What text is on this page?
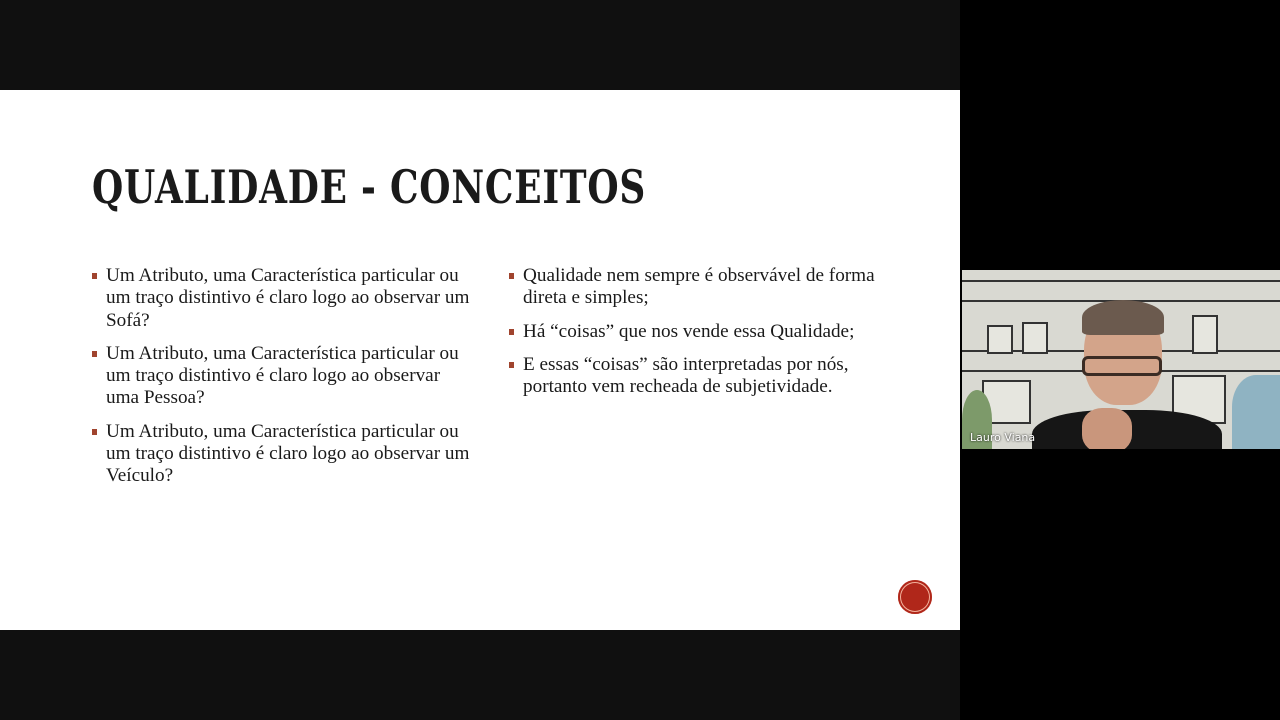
QUALIDADE - CONCEITOS
Um Atributo, uma Característica particular ou um traço distintivo é claro logo ao observar um Sofá?
Um Atributo, uma Característica particular ou um traço distintivo é claro logo ao observar uma Pessoa?
Um Atributo, uma Característica particular ou um traço distintivo é claro logo ao observar um Veículo?
Qualidade nem sempre é observável de forma direta e simples;
Há “coisas” que nos vende essa Qualidade;
E essas “coisas” são interpretadas por nós, portanto vem recheada de subjetividade.
Lauro Viana
